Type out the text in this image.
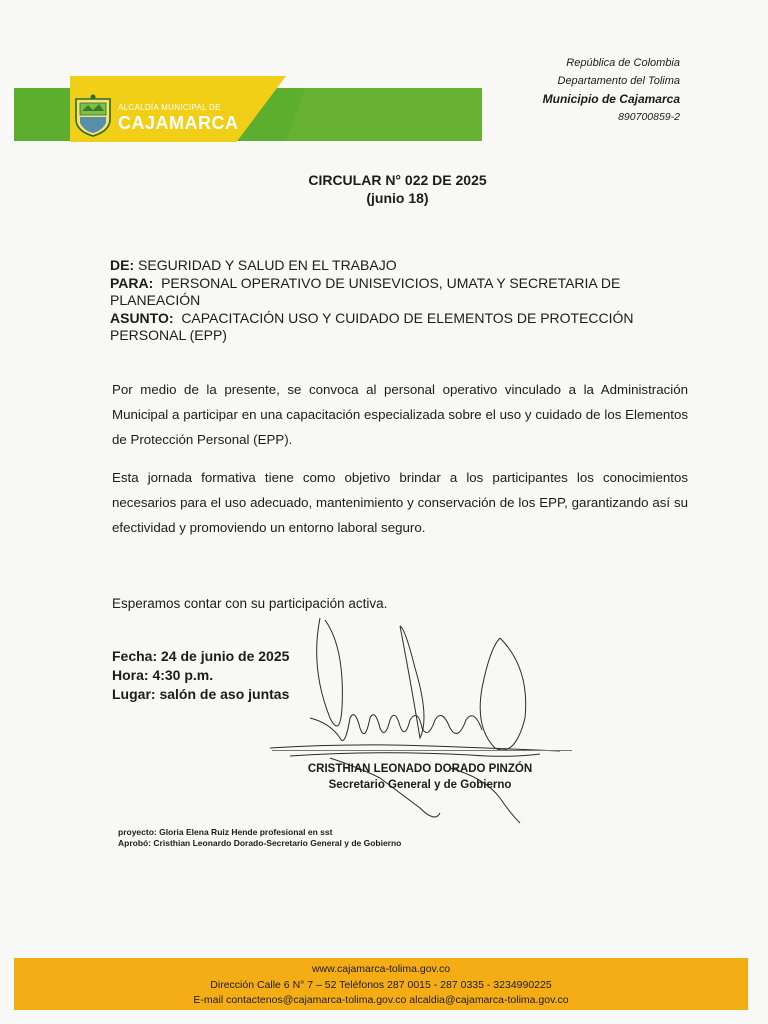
ALCALDÍA MUNICIPAL DE
CAJAMARCA
República de Colombia
Departamento del Tolima
Municipio de Cajamarca
890700859-2
CIRCULAR N° 022 DE 2025
(junio 18)
DE: SEGURIDAD Y SALUD EN EL TRABAJO
PARA: PERSONAL OPERATIVO DE UNISEVICIOS, UMATA Y SECRETARIA DE PLANEACIÓN
ASUNTO: CAPACITACIÓN USO Y CUIDADO DE ELEMENTOS DE PROTECCIÓN PERSONAL (EPP)
Por medio de la presente, se convoca al personal operativo vinculado a la Administración Municipal a participar en una capacitación especializada sobre el uso y cuidado de los Elementos de Protección Personal (EPP).
Esta jornada formativa tiene como objetivo brindar a los participantes los conocimientos necesarios para el uso adecuado, mantenimiento y conservación de los EPP, garantizando así su efectividad y promoviendo un entorno laboral seguro.
Esperamos contar con su participación activa.
Fecha: 24 de junio de 2025
Hora: 4:30 p.m.
Lugar: salón de aso juntas
CRISTHIAN LEONADO DORADO PINZÓN
Secretario General y de Gobierno
proyecto: Gloria Elena Ruiz Hende profesional en sst
Aprobó: Cristhian Leonardo Dorado-Secretario General y de Gobierno
www.cajamarca-tolima.gov.co
Dirección Calle 6 N° 7 – 52 Teléfonos 287 0015 - 287 0335 - 3234990225
E-mail contactenos@cajamarca-tolima.gov.co alcaldia@cajamarca-tolima.gov.co
